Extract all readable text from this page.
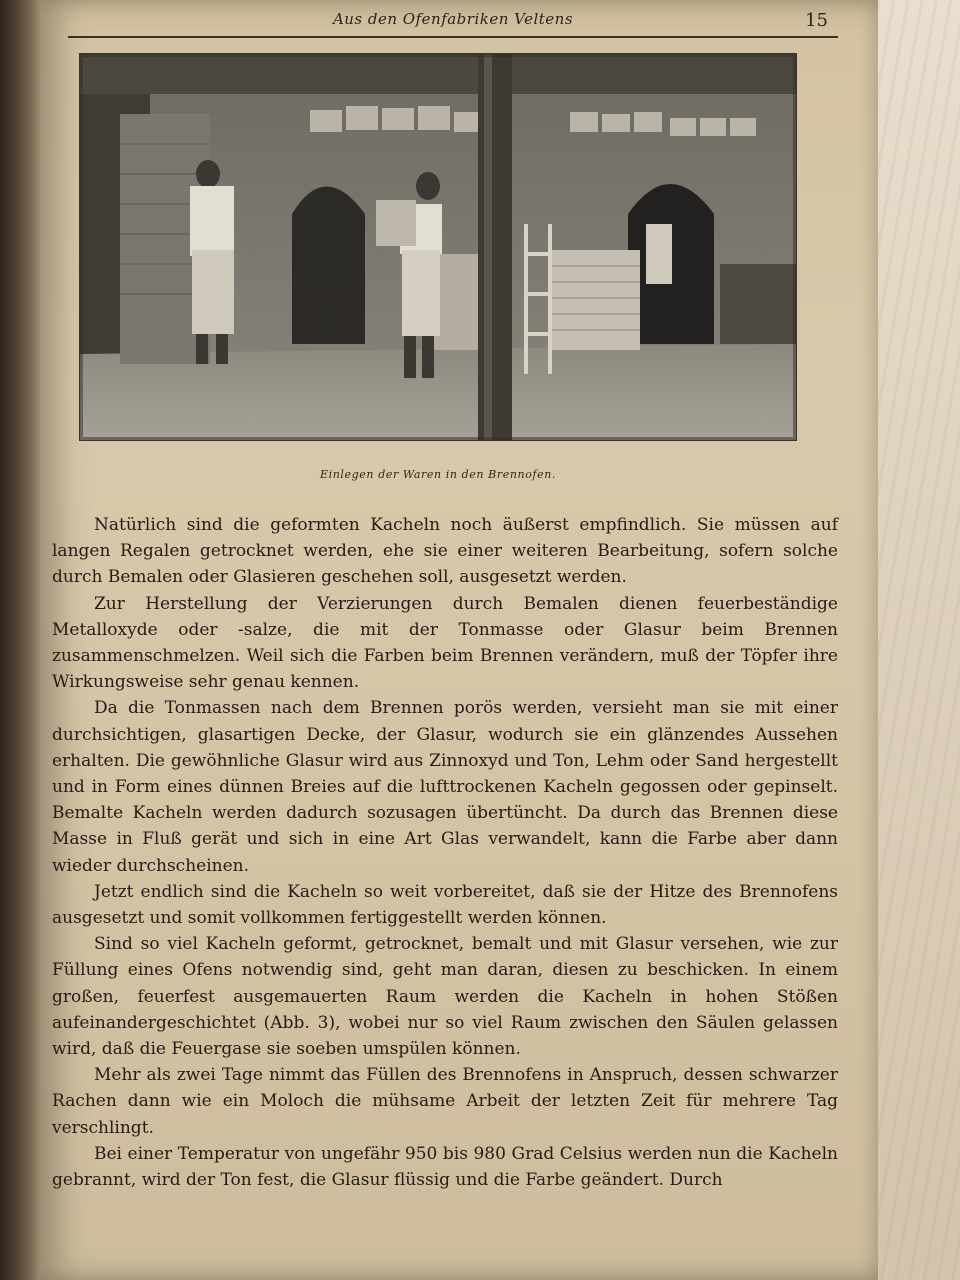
Aus den Ofenfabriken Veltens	15
Einlegen der Waren in den Brennofen.

Natürlich sind die geformten Kacheln noch äußerst empfindlich. Sie müssen auf langen Regalen getrocknet werden, ehe sie einer weiteren Bearbeitung, sofern solche durch Bemalen oder Glasieren geschehen soll, ausgesetzt werden.

Zur Herstellung der Verzierungen durch Bemalen dienen feuerbeständige Metalloxyde oder -salze, die mit der Tonmasse oder Glasur beim Brennen zusammenschmelzen. Weil sich die Farben beim Brennen verändern, muß der Töpfer ihre Wirkungsweise sehr genau kennen.

Da die Tonmassen nach dem Brennen porös werden, versieht man sie mit einer durchsichtigen, glasartigen Decke, der Glasur, wodurch sie ein glänzendes Aussehen erhalten. Die gewöhnliche Glasur wird aus Zinnoxyd und Ton, Lehm oder Sand hergestellt und in Form eines dünnen Breies auf die lufttrockenen Kacheln gegossen oder gepinselt. Bemalte Kacheln werden dadurch sozusagen übertüncht. Da durch das Brennen diese Masse in Fluß gerät und sich in eine Art Glas verwandelt, kann die Farbe aber dann wieder durchscheinen.

Jetzt endlich sind die Kacheln so weit vorbereitet, daß sie der Hitze des Brennofens ausgesetzt und somit vollkommen fertiggestellt werden können.

Sind so viel Kacheln geformt, getrocknet, bemalt und mit Glasur versehen, wie zur Füllung eines Ofens notwendig sind, geht man daran, diesen zu beschicken. In einem großen, feuerfest ausgemauerten Raum werden die Kacheln in hohen Stößen aufeinandergeschichtet (Abb. 3), wobei nur so viel Raum zwischen den Säulen gelassen wird, daß die Feuergase sie soeben umspülen können.

Mehr als zwei Tage nimmt das Füllen des Brennofens in Anspruch, dessen schwarzer Rachen dann wie ein Moloch die mühsame Arbeit der letzten Zeit für mehrere Tag verschlingt.

Bei einer Temperatur von ungefähr 950 bis 980 Grad Celsius werden nun die Kacheln gebrannt, wird der Ton fest, die Glasur flüssig und die Farbe geändert. Durch
